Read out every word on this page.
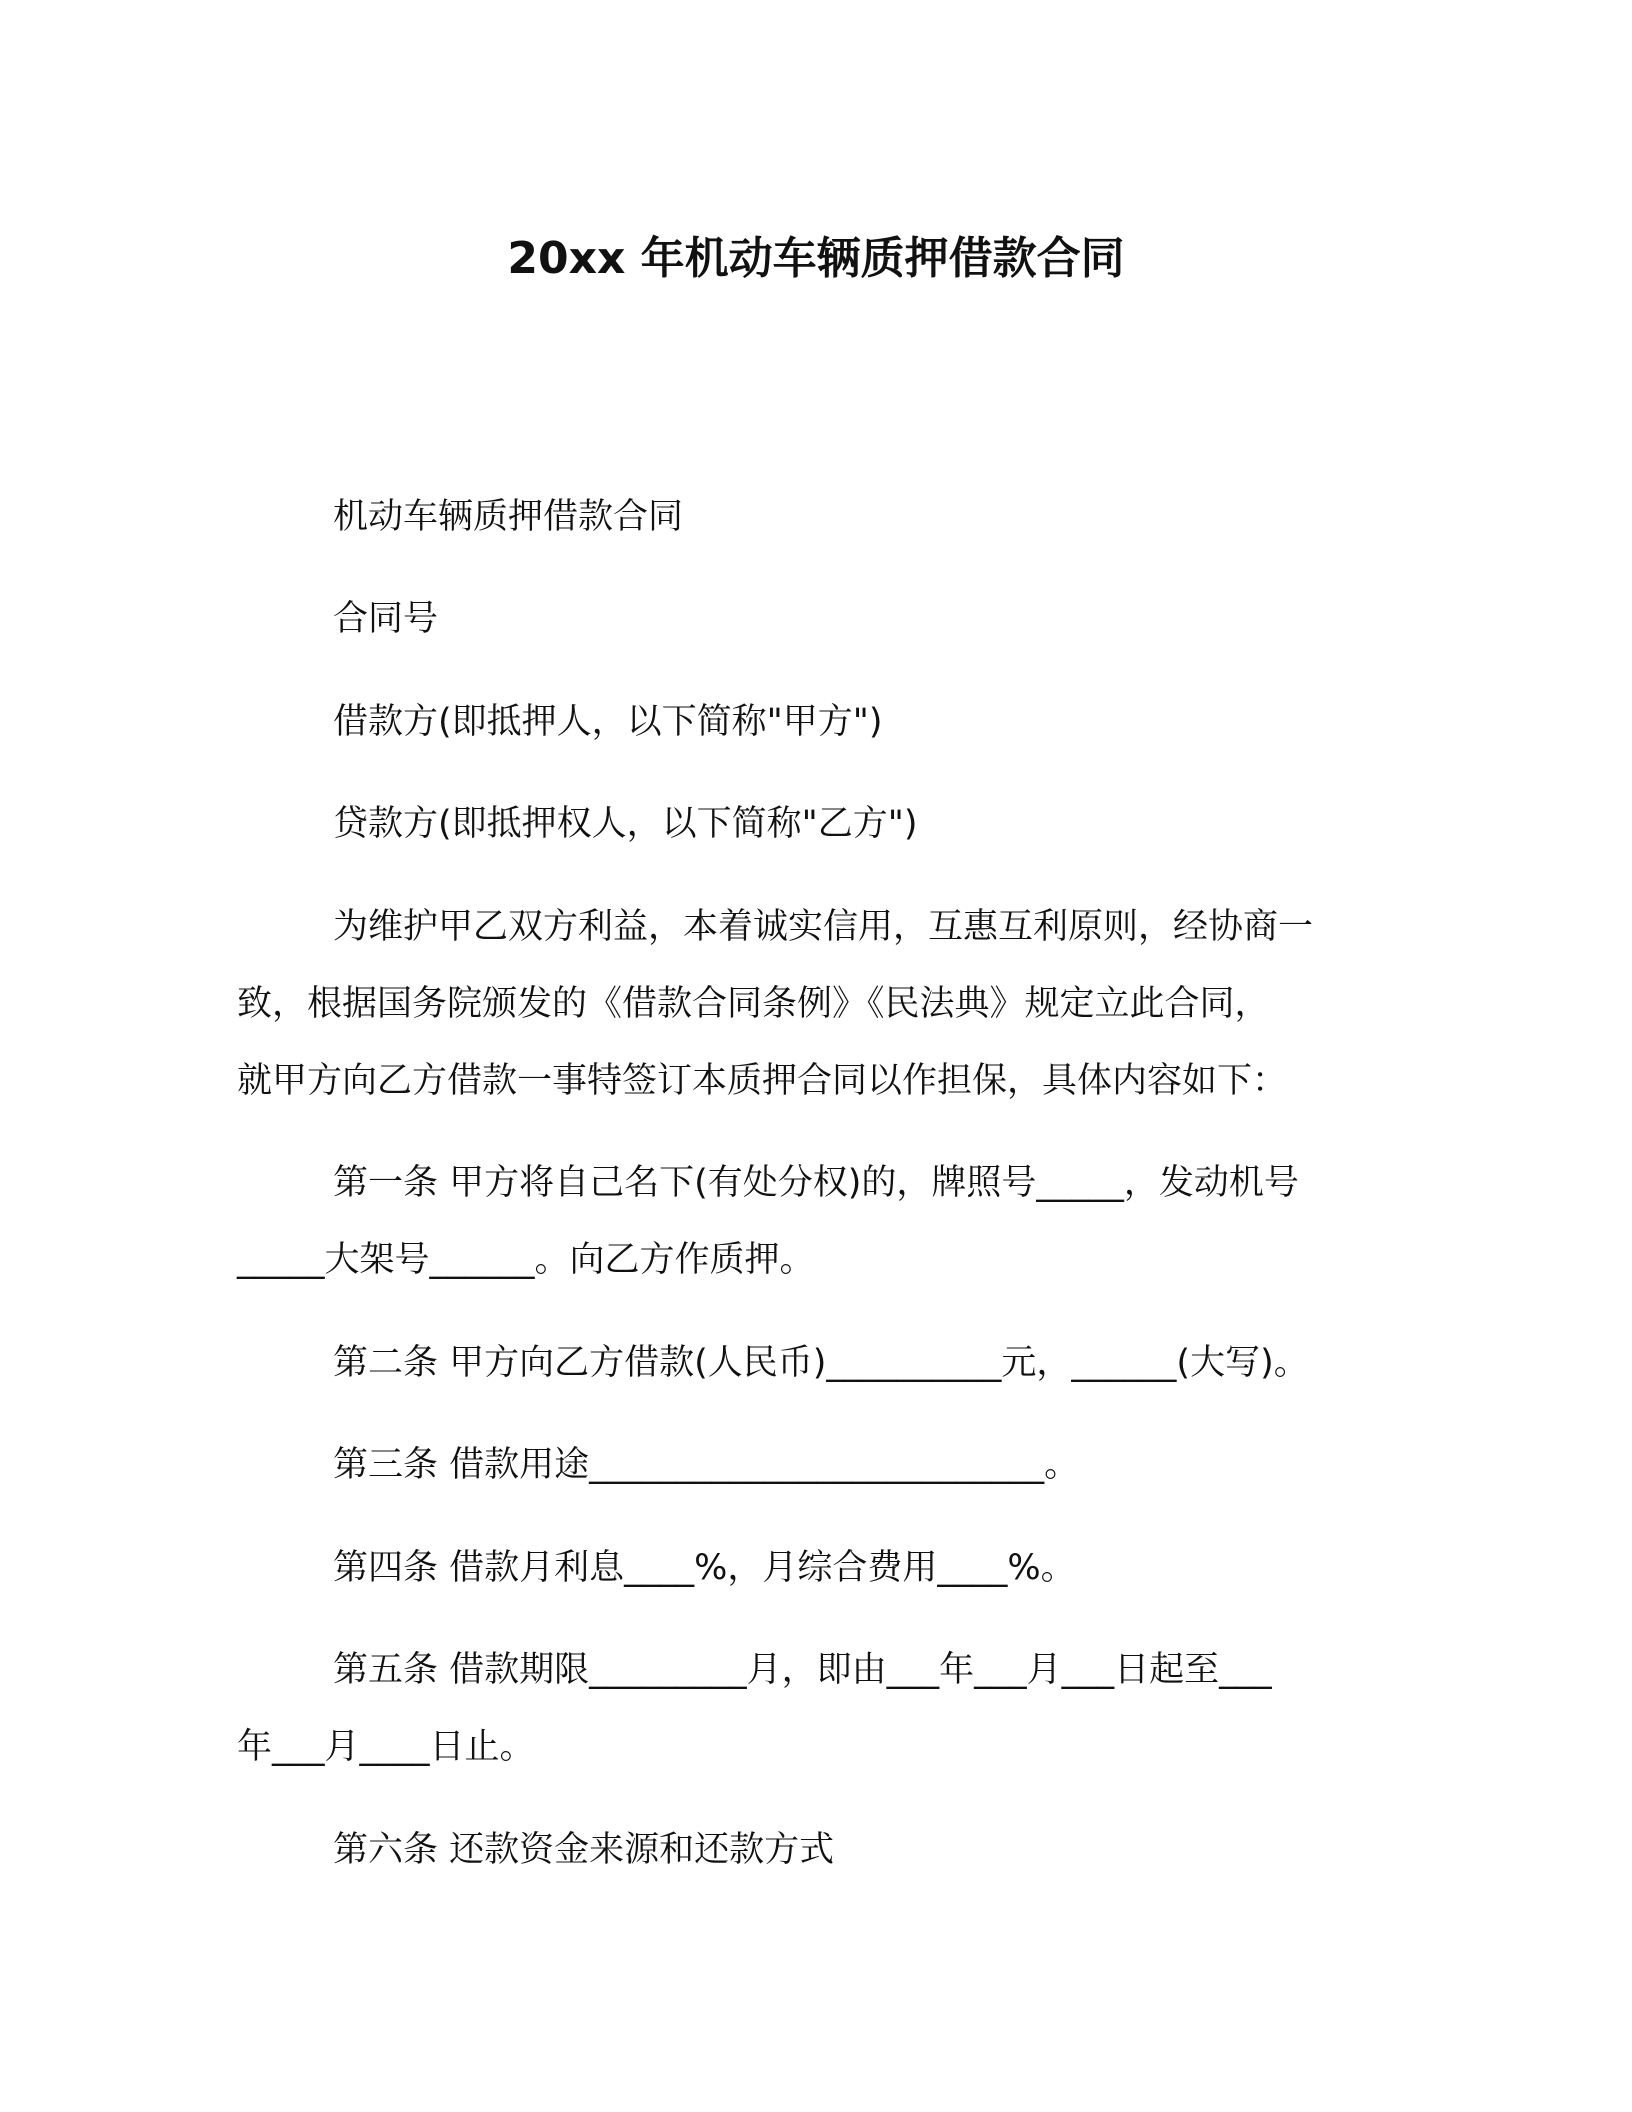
20xx 年机动车辆质押借款合同

机动车辆质押借款合同

合同号

借款方(即抵押人，以下简称"甲方")

贷款方(即抵押权人，以下简称"乙方")

为维护甲乙双方利益，本着诚实信用，互惠互利原则，经协商一

致，根据国务院颁发的《借款合同条例》《民法典》规定立此合同，

就甲方向乙方借款一事特签订本质押合同以作担保，具体内容如下：

第一条 甲方将自己名下(有处分权)的，牌照号_____，发动机号

_____大架号______。向乙方作质押。

第二条 甲方向乙方借款(人民币)__________元，______(大写)。

第三条 借款用途__________________________。

第四条 借款月利息____%，月综合费用____%。

第五条 借款期限_________月，即由___年___月___日起至___

年___月____日止。

第六条 还款资金来源和还款方式
